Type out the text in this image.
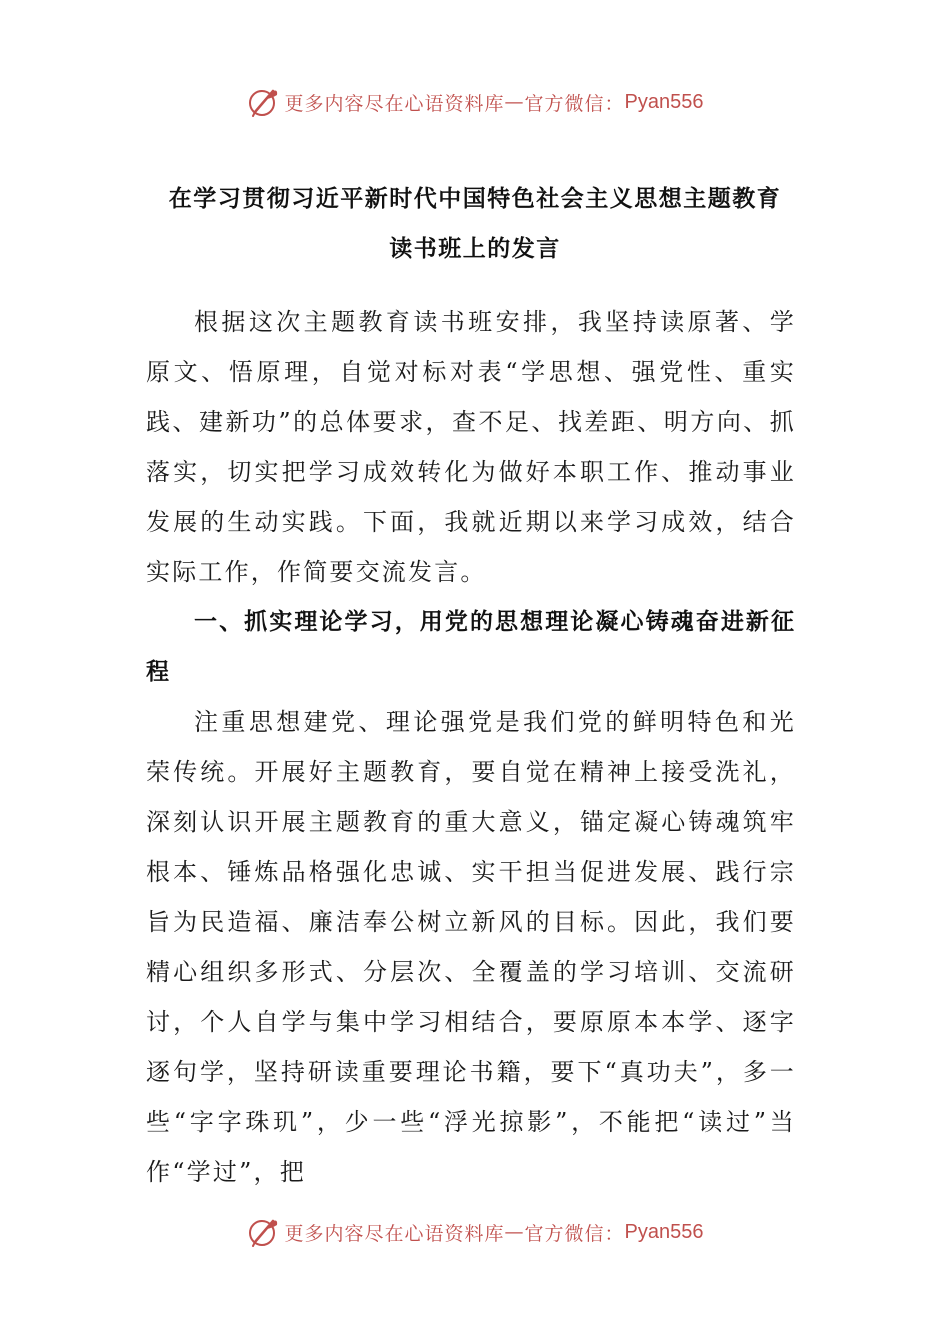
更多内容尽在心语资料库 — 官方微信： Pyan556
在学习贯彻习近平新时代中国特色社会主义思想主题教育
读书班上的发言

根据这次主题教育读书班安排，我坚持读原著、学原文、悟原理，自觉对标对表“学思想、强党性、重实践、建新功”的总体要求，查不足、找差距、明方向、抓落实，切实把学习成效转化为做好本职工作、推动事业发展的生动实践。下面，我就近期以来学习成效，结合实际工作，作简要交流发言。

一、抓实理论学习，用党的思想理论凝心铸魂奋进新征程

注重思想建党、理论强党是我们党的鲜明特色和光荣传统。开展好主题教育，要自觉在精神上接受洗礼，深刻认识开展主题教育的重大意义，锚定凝心铸魂筑牢根本、锤炼品格强化忠诚、实干担当促进发展、践行宗旨为民造福、廉洁奉公树立新风的目标。因此，我们要精心组织多形式、分层次、全覆盖的学习培训、交流研讨，个人自学与集中学习相结合，要原原本本学、逐字逐句学，坚持研读重要理论书籍，要下“真功夫”，多一些“字字珠玑”，少一些“浮光掠影”，不能把“读过”当作“学过”，把

更多内容尽在心语资料库 — 官方微信： Pyan556
